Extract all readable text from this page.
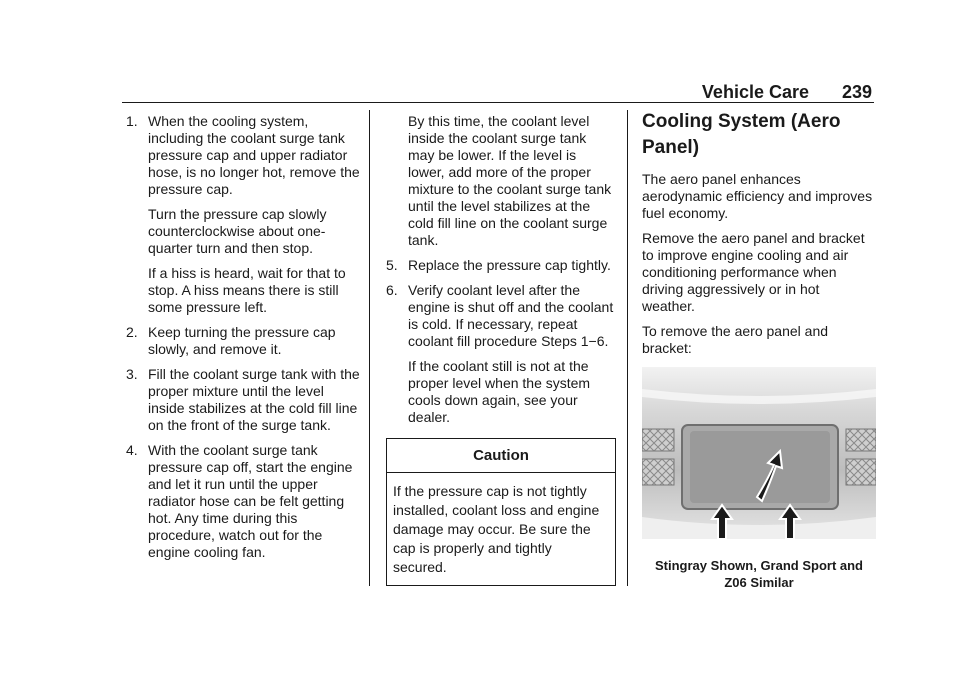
Vehicle Care 239
1. When the cooling system, including the coolant surge tank pressure cap and upper radiator hose, is no longer hot, remove the pressure cap.
Turn the pressure cap slowly counterclockwise about one-quarter turn and then stop.
If a hiss is heard, wait for that to stop. A hiss means there is still some pressure left.
2. Keep turning the pressure cap slowly, and remove it.
3. Fill the coolant surge tank with the proper mixture until the level inside stabilizes at the cold fill line on the front of the surge tank.
4. With the coolant surge tank pressure cap off, start the engine and let it run until the upper radiator hose can be felt getting hot. Any time during this procedure, watch out for the engine cooling fan.
By this time, the coolant level inside the coolant surge tank may be lower. If the level is lower, add more of the proper mixture to the coolant surge tank until the level stabilizes at the cold fill line on the coolant surge tank.
5. Replace the pressure cap tightly.
6. Verify coolant level after the engine is shut off and the coolant is cold. If necessary, repeat coolant fill procedure Steps 1−6.
If the coolant still is not at the proper level when the system cools down again, see your dealer.
Caution
If the pressure cap is not tightly installed, coolant loss and engine damage may occur. Be sure the cap is properly and tightly secured.
Cooling System (Aero Panel)
The aero panel enhances aerodynamic efficiency and improves fuel economy.
Remove the aero panel and bracket to improve engine cooling and air conditioning performance when driving aggressively or in hot weather.
To remove the aero panel and bracket:
Stingray Shown, Grand Sport and Z06 Similar
